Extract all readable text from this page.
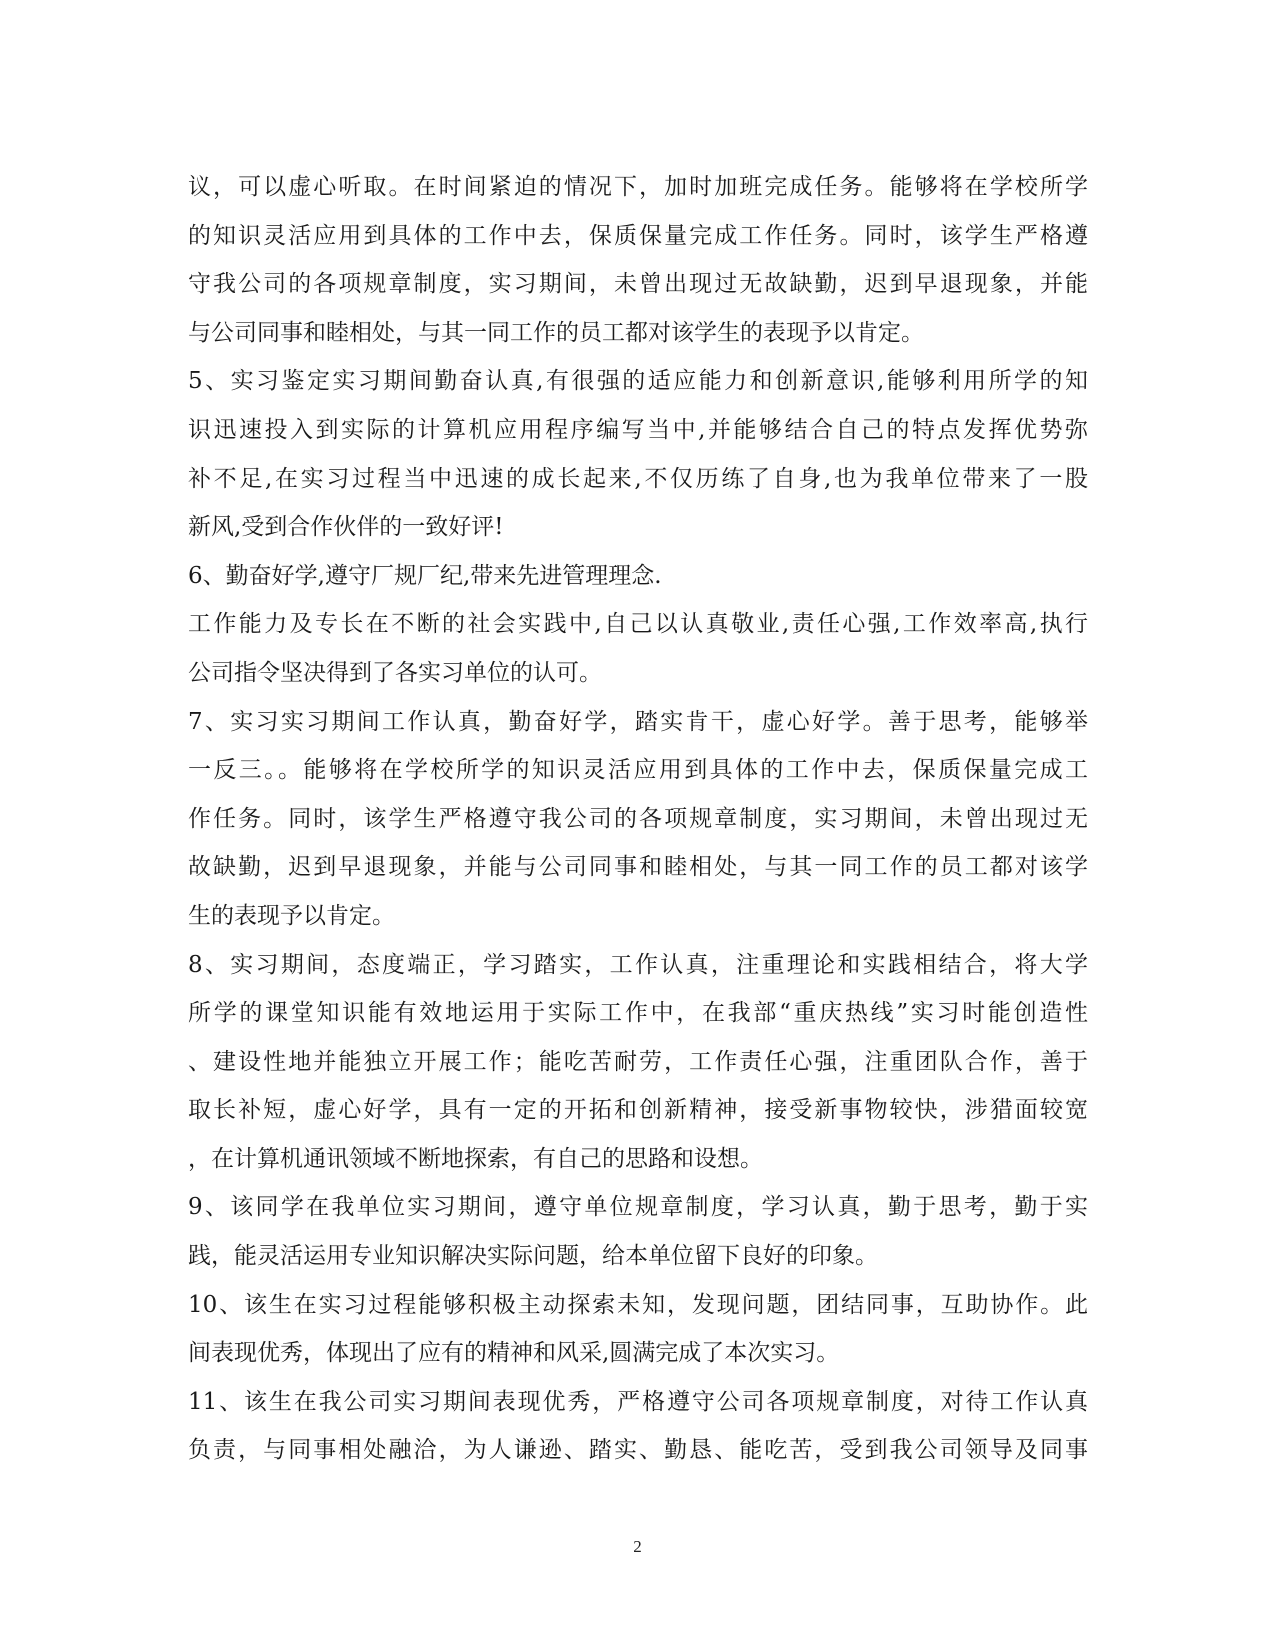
议，可以虚心听取。在时间紧迫的情况下，加时加班完成任务。能够将在学校所学
的知识灵活应用到具体的工作中去，保质保量完成工作任务。同时，该学生严格遵
守我公司的各项规章制度，实习期间，未曾出现过无故缺勤，迟到早退现象，并能
与公司同事和睦相处，与其一同工作的员工都对该学生的表现予以肯定。
5、实习鉴定实习期间勤奋认真,有很强的适应能力和创新意识,能够利用所学的知
识迅速投入到实际的计算机应用程序编写当中,并能够结合自己的特点发挥优势弥
补不足,在实习过程当中迅速的成长起来,不仅历练了自身,也为我单位带来了一股
新风,受到合作伙伴的一致好评!
6、勤奋好学,遵守厂规厂纪,带来先进管理理念.
工作能力及专长在不断的社会实践中,自己以认真敬业,责任心强,工作效率高,执行
公司指令坚决得到了各实习单位的认可。
7、实习实习期间工作认真，勤奋好学，踏实肯干，虚心好学。善于思考，能够举
一反三。。能够将在学校所学的知识灵活应用到具体的工作中去，保质保量完成工
作任务。同时，该学生严格遵守我公司的各项规章制度，实习期间，未曾出现过无
故缺勤，迟到早退现象，并能与公司同事和睦相处，与其一同工作的员工都对该学
生的表现予以肯定。
8、实习期间，态度端正，学习踏实，工作认真，注重理论和实践相结合，将大学
所学的课堂知识能有效地运用于实际工作中，在我部“重庆热线”实习时能创造性
、建设性地并能独立开展工作；能吃苦耐劳，工作责任心强，注重团队合作，善于
取长补短，虚心好学，具有一定的开拓和创新精神，接受新事物较快，涉猎面较宽
，在计算机通讯领域不断地探索，有自己的思路和设想。
9、该同学在我单位实习期间，遵守单位规章制度，学习认真，勤于思考，勤于实
践，能灵活运用专业知识解决实际问题，给本单位留下良好的印象。
10、该生在实习过程能够积极主动探索未知，发现问题，团结同事，互助协作。此
间表现优秀，体现出了应有的精神和风采,圆满完成了本次实习。
11、该生在我公司实习期间表现优秀，严格遵守公司各项规章制度，对待工作认真
负责，与同事相处融洽，为人谦逊、踏实、勤恳、能吃苦，受到我公司领导及同事
2
